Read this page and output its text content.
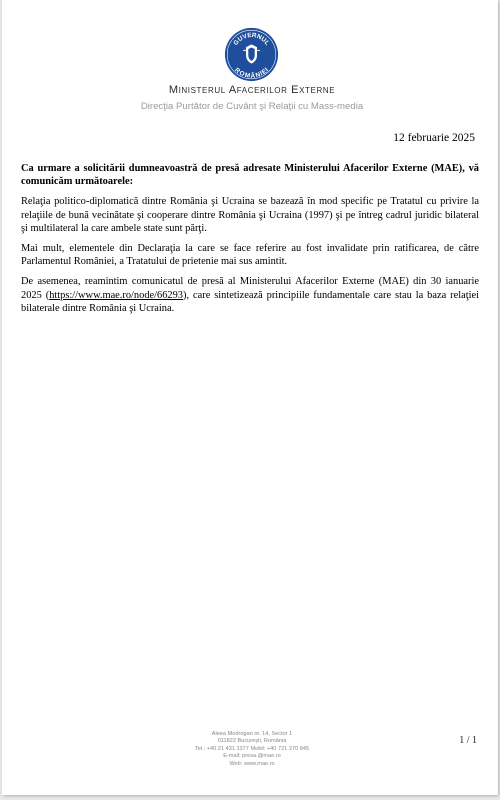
GUVERNUL
ROMÂNIEI
Ministerul Afacerilor Externe
Direcţia Purtător de Cuvânt şi Relaţii cu Mass-media
12 februarie 2025

Ca urmare a solicitării dumneavoastră de presă adresate Ministerului Afacerilor Externe (MAE), vă comunicăm următoarele:

Relaţia politico-diplomatică dintre România şi Ucraina se bazează în mod specific pe Tratatul cu privire la relaţiile de bună vecinătate şi cooperare dintre România şi Ucraina (1997) şi pe întreg cadrul juridic bilateral şi multilateral la care ambele state sunt părţi.

Mai mult, elementele din Declaraţia la care se face referire au fost invalidate prin ratificarea, de către Parlamentul României, a Tratatului de prietenie mai sus amintit.

De asemenea, reamintim comunicatul de presă al Ministerului Afacerilor Externe (MAE) din 30 ianuarie 2025 (https://www.mae.ro/node/66293), care sintetizează principiile fundamentale care stau la baza relaţiei bilaterale dintre România şi Ucraina.

Aleea Modrogan nr. 14, Sector 1
011822 Bucureşti, România
Tel.: +40 21 431 1377 Mobil: +40 721 270 845
E-mail: presa.@mae.ro
Web: www.mae.ro
1 / 1
